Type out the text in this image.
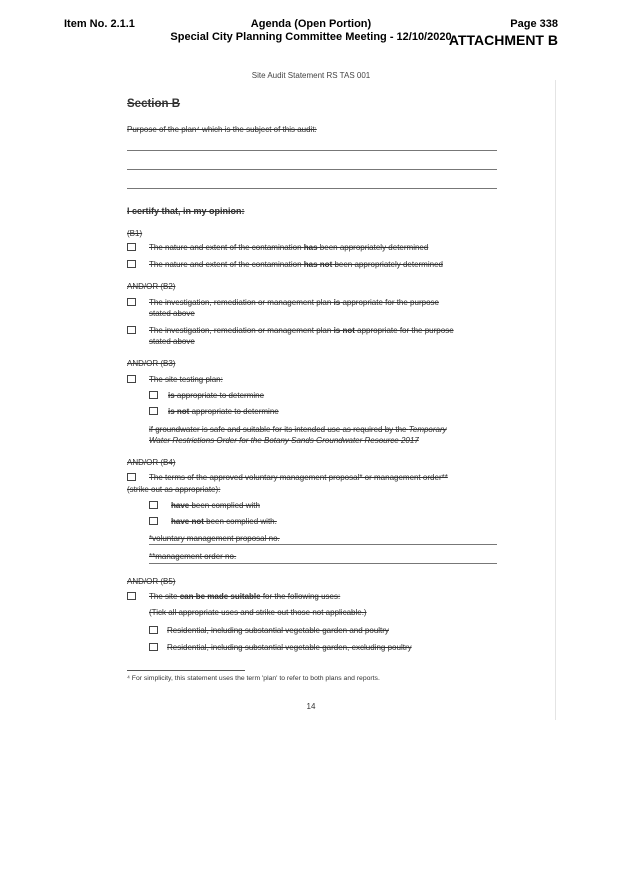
Item No. 2.1.1	Agenda (Open Portion)
Special City Planning Committee Meeting - 12/10/2020
Page 338
ATTACHMENT B
Site Audit Statement RS TAS 001
Section B
Purpose of the plan⁴ which is the subject of this audit:
I certify that, in my opinion:
(B1)
The nature and extent of the contamination has been appropriately determined
The nature and extent of the contamination has not been appropriately determined
AND/OR (B2)
The investigation, remediation or management plan is appropriate for the purpose
stated above
The investigation, remediation or management plan is not appropriate for the purpose
stated above
AND/OR (B3)
The site testing plan:
is appropriate to determine
is not appropriate to determine
if groundwater is safe and suitable for its intended use as required by the Temporary
Water Restrictions Order for the Botany Sands Groundwater Resource 2017
AND/OR (B4)
The terms of the approved voluntary management proposal* or management order**
(strike out as appropriate):
have been complied with
have not been complied with.
*voluntary management proposal no.
**management order no.
AND/OR (B5)
The site can be made suitable for the following uses:
(Tick all appropriate uses and strike out those not applicable.)
Residential, including substantial vegetable garden and poultry
Residential, including substantial vegetable garden, excluding poultry
⁴ For simplicity, this statement uses the term 'plan' to refer to both plans and reports.
14
